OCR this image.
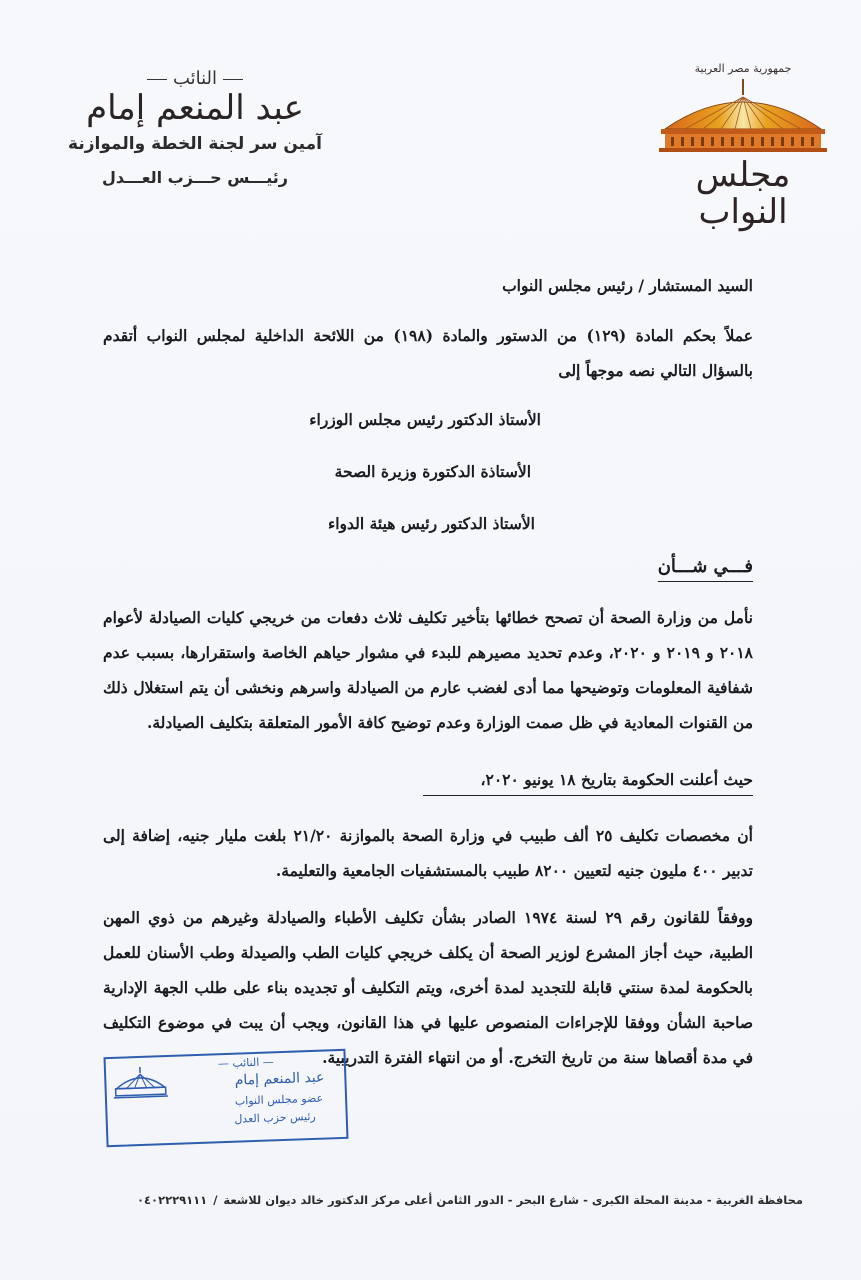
جمهورية مصر العربية
مجلس النواب
النائب
عبد المنعم إمام
آمين سر لجنة الخطة والموازنة
رئيـــس حـــزب العـــدل
السيد المستشار / رئيس مجلس النواب
عملاً بحكم المادة (١٢٩) من الدستور والمادة (١٩٨) من اللائحة الداخلية لمجلس النواب أتقدم بالسؤال التالي نصه موجهاً إلى
الأستاذ الدكتور رئيس مجلس الوزراء
الأستاذة الدكتورة وزيرة الصحة
الأستاذ الدكتور رئيس هيئة الدواء
فـــي شـــأن
نأمل من وزارة الصحة أن تصحح خطائها بتأخير تكليف ثلاث دفعات من خريجي كليات الصيادلة لأعوام ٢٠١٨ و ٢٠١٩ و ٢٠٢٠، وعدم تحديد مصيرهم للبدء في مشوار حياهم الخاصة واستقرارها، بسبب عدم شفافية المعلومات وتوضيحها مما أدى لغضب عارم من الصيادلة واسرهم ونخشى أن يتم استغلال ذلك من القنوات المعادية في ظل صمت الوزارة وعدم توضيح كافة الأمور المتعلقة بتكليف الصيادلة.
حيث أعلنت الحكومة بتاريخ ١٨ يونيو ٢٠٢٠،
أن مخصصات تكليف ٢٥ ألف طبيب في وزارة الصحة بالموازنة ٢١/٢٠ بلغت مليار جنيه، إضافة إلى تدبير ٤٠٠ مليون جنيه لتعيين ٨٢٠٠ طبيب بالمستشفيات الجامعية والتعليمة.
ووفقاً للقانون رقم ٢٩ لسنة ١٩٧٤ الصادر بشأن تكليف الأطباء والصيادلة وغيرهم من ذوي المهن الطبية، حيث أجاز المشرع لوزير الصحة أن يكلف خريجي كليات الطب والصيدلة وطب الأسنان للعمل بالحكومة لمدة سنتي قابلة للتجديد لمدة أخرى، ويتم التكليف أو تجديده بناء على طلب الجهة الإدارية صاحبة الشأن ووفقا للإجراءات المنصوص عليها في هذا القانون، ويجب أن يبت في موضوع التكليف في مدة أقصاها سنة من تاريخ التخرج. أو من انتهاء الفترة التدريبية.
— النائب —
عبد المنعم إمام
عضو مجلس النواب
رئيس حزب العدل
محافظة الغربية - مدينة المحلة الكبرى - شارع البحر - الدور الثامن أعلى مركز الدكتور خالد ديوان للاشعة/٠٤٠٢٢٢٩١١١
